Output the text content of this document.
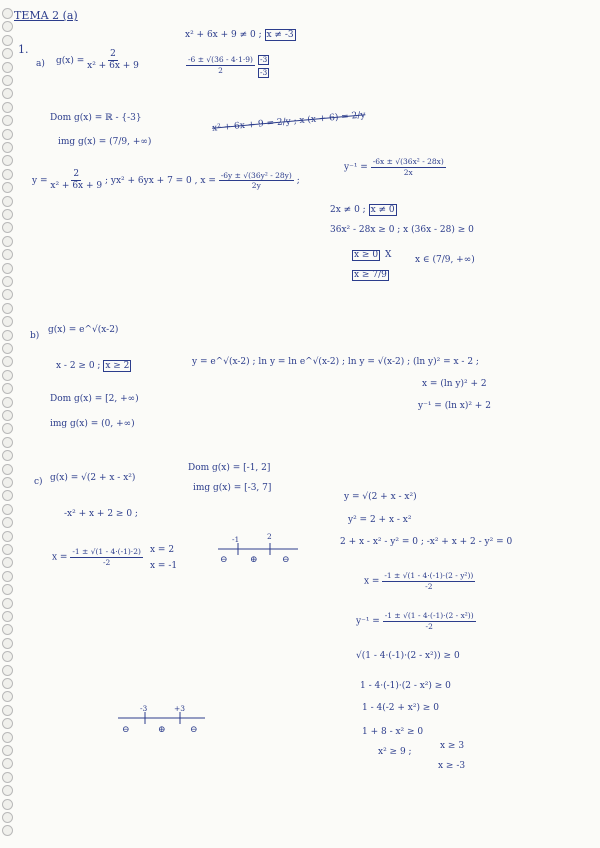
TEMA 2 (a)
1.
a) $g(x) = \frac{2}{\text{x² + 6x + 9}}$
x² + 6x + 9 ≠ 0 ; x ≠ -3
$\frac{-6 \pm √(36 - 4\cdot 1\cdot 9)}{2} -3$
-3
x² + 6x + 9 = 2/y ; x (x + 6) = 2/y
Dom g(x) = ℝ - {-3}
img g(x) = (7/9, +∞)
$y = \frac{2}{\text{x² + 6x + 9}}$ ; yx² + 6yx + 7 = 0 , $x = \frac{\text{-6y ± √(36y² - 28y)}}{2y}$ ;
$y^{-1} = \frac{\text{-6x ± √(36x² - 28x)}}{2x}$
2x ≠ 0 ; x ≠ 0
36x² - 28x ≥ 0 ; x (36x - 28) ≥ 0
x ≥ 0 X
x ≥ 7/9
x ∈ (7/9, +∞)
b)
g(x) = e^√(x-2)
x - 2 ≥ 0 ; x ≥ 2
Dom g(x) = [2, +∞)
img g(x) = (0, +∞)
y = e^√(x-2) ; ln y = ln e^√(x-2) ; ln y = √(x-2) ; (ln y)² = x - 2 ;
x = (ln y)² + 2
y⁻¹ = (ln x)² + 2
c) g(x) = √(2 + x - x²)
Dom g(x) = [-1, 2]
img g(x) = [-3, 7]
-x² + x + 2 ≥ 0 ;
$x = \frac{-1 \pm √(1 - 4\cdot(-1)\cdot 2)}{-2}$ x = 2
x = -1
-1	2
⊖ ⊕	⊖
y = √(2 + x - x²)
y² = 2 + x - x²
2 + x - x² - y² = 0 ; -x² + x + 2 - y² = 0
$x = \frac{\text{-1 ± √(1 - 4·(-1)·(2 - y²))}}{-2}$
$y^{-1} = \frac{\text{-1 ± √(1 - 4·(-1)·(2 - x²))}}{-2}$
√(1 - 4·(-1)·(2 - x²)) ≥ 0
1 - 4·(-1)·(2 - x²) ≥ 0
1 - 4(-2 + x²) ≥ 0
1 + 8 - x² ≥ 0
x² ≥ 9 ;
x ≥ 3
x ≥ -3
-3	+3
⊖	⊕	⊖
